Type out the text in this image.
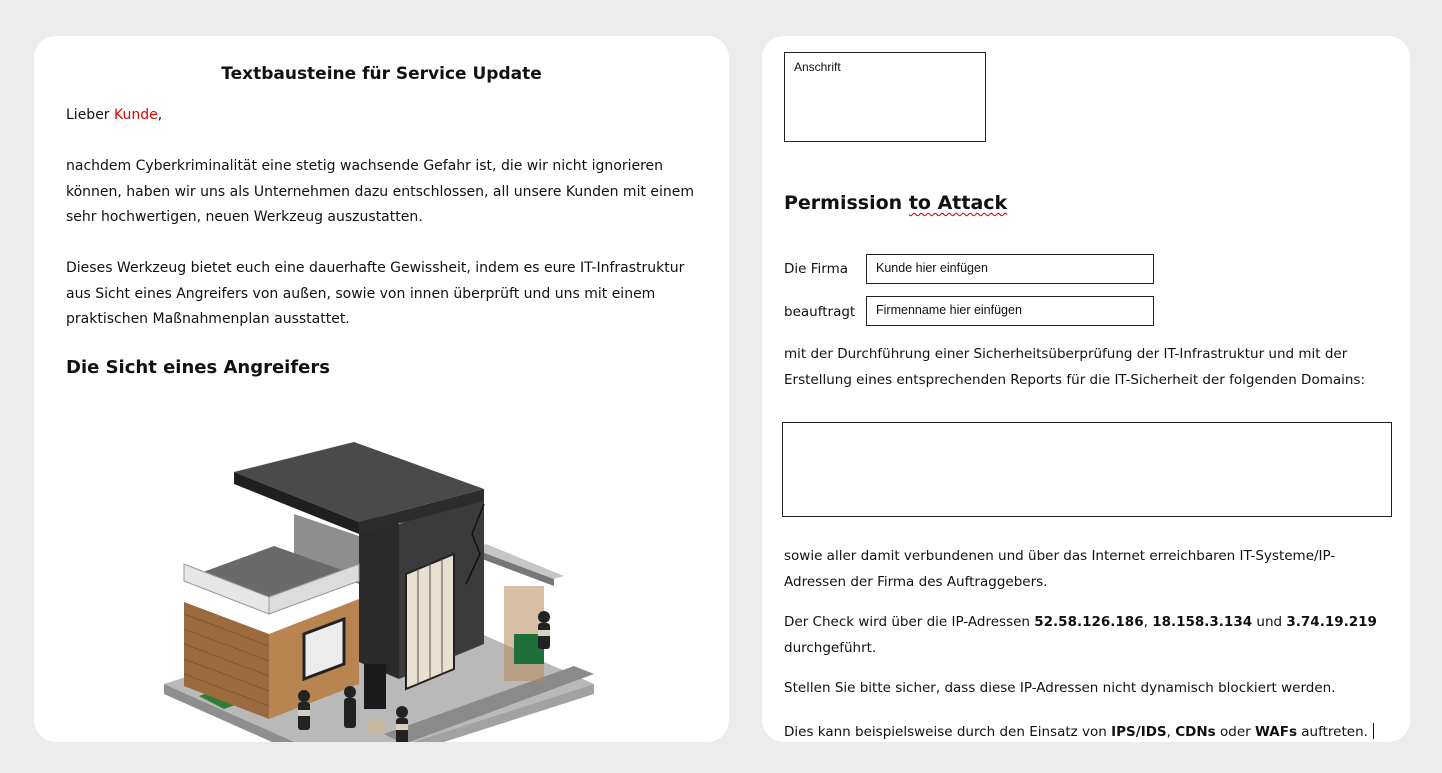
Textbausteine für Service Update
Lieber Kunde,

nachdem Cyberkriminalität eine stetig wachsende Gefahr ist, die wir nicht ignorieren können, haben wir uns als Unternehmen dazu entschlossen, all unsere Kunden mit einem sehr hochwertigen, neuen Werkzeug auszustatten.

Dieses Werkzeug bietet euch eine dauerhafte Gewissheit, indem es eure IT-Infrastruktur aus Sicht eines Angreifers von außen, sowie von innen überprüft und uns mit einem praktischen Maßnahmenplan ausstattet.

Die Sicht eines Angreifers
Anschrift
Permission to Attack
Die Firma	Kunde hier einfügen
beauftragt	Firmenname hier einfügen

mit der Durchführung einer Sicherheitsüberprüfung der IT-Infrastruktur und mit der Erstellung eines entsprechenden Reports für die IT-Sicherheit der folgenden Domains:

sowie aller damit verbundenen und über das Internet erreichbaren IT-Systeme/IP-Adressen der Firma des Auftraggebers.

Der Check wird über die IP-Adressen 52.58.126.186, 18.158.3.134 und 3.74.19.219 durchgeführt.

Stellen Sie bitte sicher, dass diese IP-Adressen nicht dynamisch blockiert werden.

Dies kann beispielsweise durch den Einsatz von IPS/IDS, CDNs oder WAFs auftreten.
